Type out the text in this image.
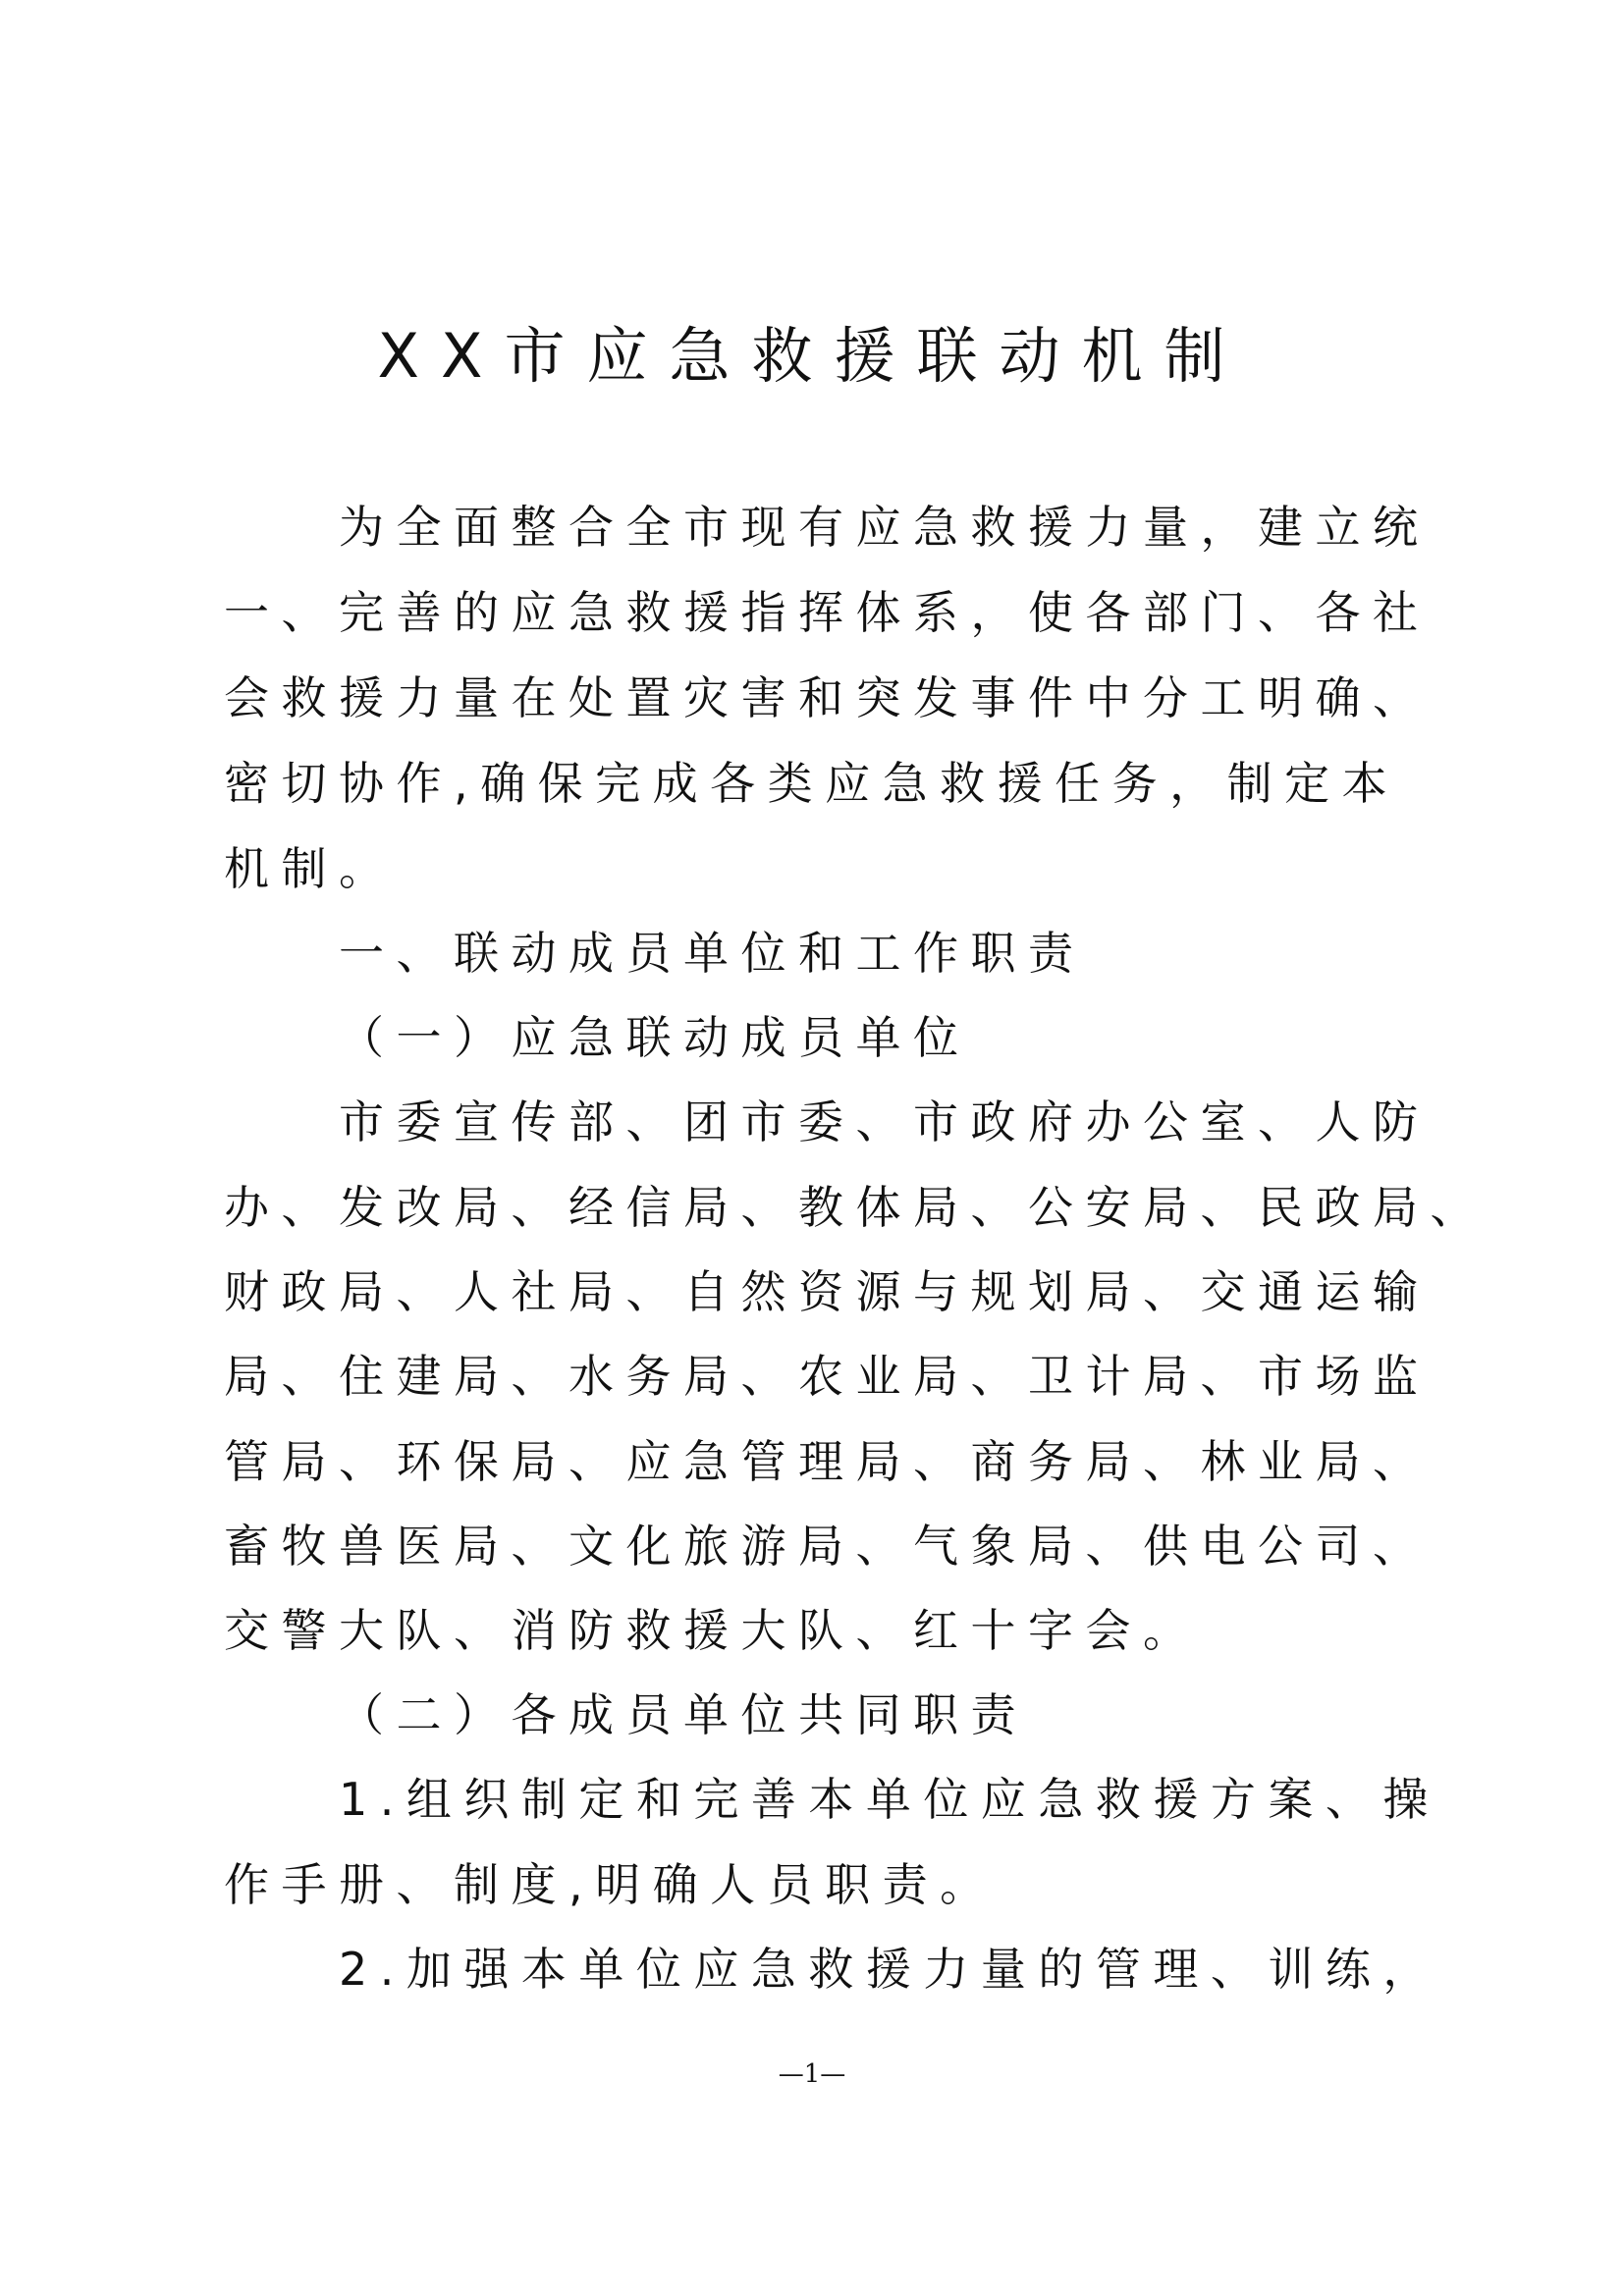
XX市应急救援联动机制

为全面整合全市现有应急救援力量，建立统

一、完善的应急救援指挥体系，使各部门、各社

会救援力量在处置灾害和突发事件中分工明确、

密切协作,确保完成各类应急救援任务，制定本

机制。

一、联动成员单位和工作职责

（一）应急联动成员单位

市委宣传部、团市委、市政府办公室、人防

办、发改局、经信局、教体局、公安局、民政局、

财政局、人社局、自然资源与规划局、交通运输

局、住建局、水务局、农业局、卫计局、市场监

管局、环保局、应急管理局、商务局、林业局、

畜牧兽医局、文化旅游局、气象局、供电公司、

交警大队、消防救援大队、红十字会。

（二）各成员单位共同职责

1.组织制定和完善本单位应急救援方案、操

作手册、制度,明确人员职责。

2.加强本单位应急救援力量的管理、训练，

—1—
